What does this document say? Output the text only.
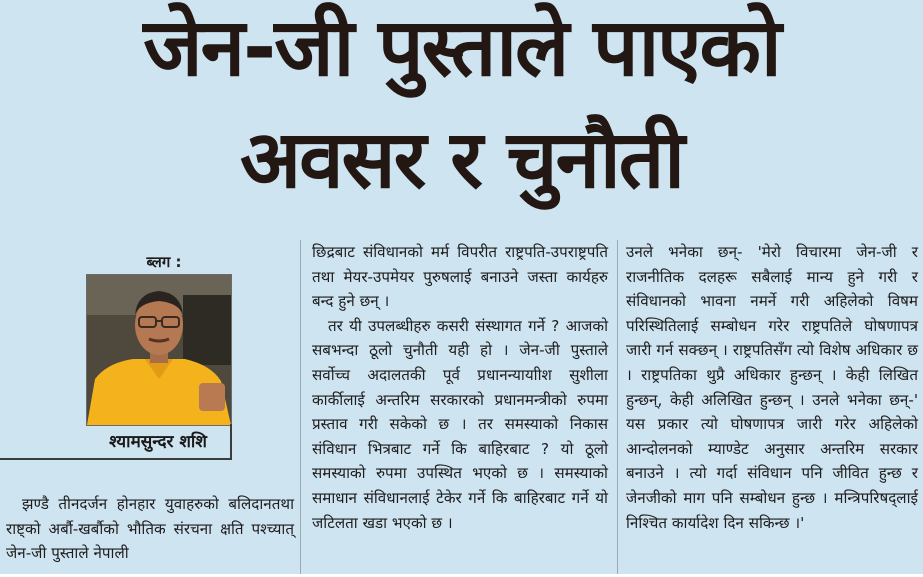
जेन-जी पुस्ताले पाएको
अवसर र चुनौती
ब्लग :
श्यामसुन्दर शशि

झण्डै तीनदर्जन होनहार युवाहरुको बलिदानतथा राष्ट्को अर्बौ-खर्बौको भौतिक संरचना क्षति पश्च्यात् जेन-जी पुस्ताले नेपाली

छिद्रबाट संविधानको मर्म विपरीत राष्ट्रपति-उपराष्ट्रपति तथा मेयर-उपमेयर पुरुषलाई बनाउने जस्ता कार्यहरु बन्द हुने छन् ।

तर यी उपलब्धीहरु कसरी संस्थागत गर्ने ? आजको सबभन्दा ठूलो चुनौती यही हो । जेन-जी पुस्ताले सर्वोच्च अदालतकी पूर्व प्रधानन्यायाीश सुशीला कार्कीलाई अन्तरिम सरकारको प्रधानमन्त्रीको रुपमा प्रस्ताव गरी सकेको छ । तर समस्याको निकास संविधान भित्रबाट गर्ने कि बाहिरबाट ? यो ठूलो समस्याको रुपमा उपस्थित भएको छ । समस्याको समाधान संविधानलाई टेकेर गर्ने कि बाहिरबाट गर्ने यो जटिलता खडा भएको छ ।

उनले भनेका छन्- 'मेरो विचारमा जेन-जी र राजनीतिक दलहरू सबैलाई मान्य हुने गरी र संविधानको भावना नमर्ने गरी अहिलेको विषम परिस्थितिलाई सम्बोधन गरेर राष्ट्रपतिले घोषणापत्र जारी गर्न सक्छन् । राष्ट्रपतिसँग त्यो विशेष अधिकार छ । राष्ट्रपतिका थुप्रै अधिकार हुन्छन् । केही लिखित हुन्छन्, केही अलिखित हुन्छन् । उनले भनेका छन्-' यस प्रकार त्यो घोषणापत्र जारी गरेर अहिलेको आन्दोलनको म्याण्डेट अनुसार अन्तरिम सरकार बनाउने । त्यो गर्दा संविधान पनि जीवित हुन्छ र जेनजीको माग पनि सम्बोधन हुन्छ । मन्त्रिपरिषद्‌लाई निश्चित कार्यादेश दिन सकिन्छ ।'
